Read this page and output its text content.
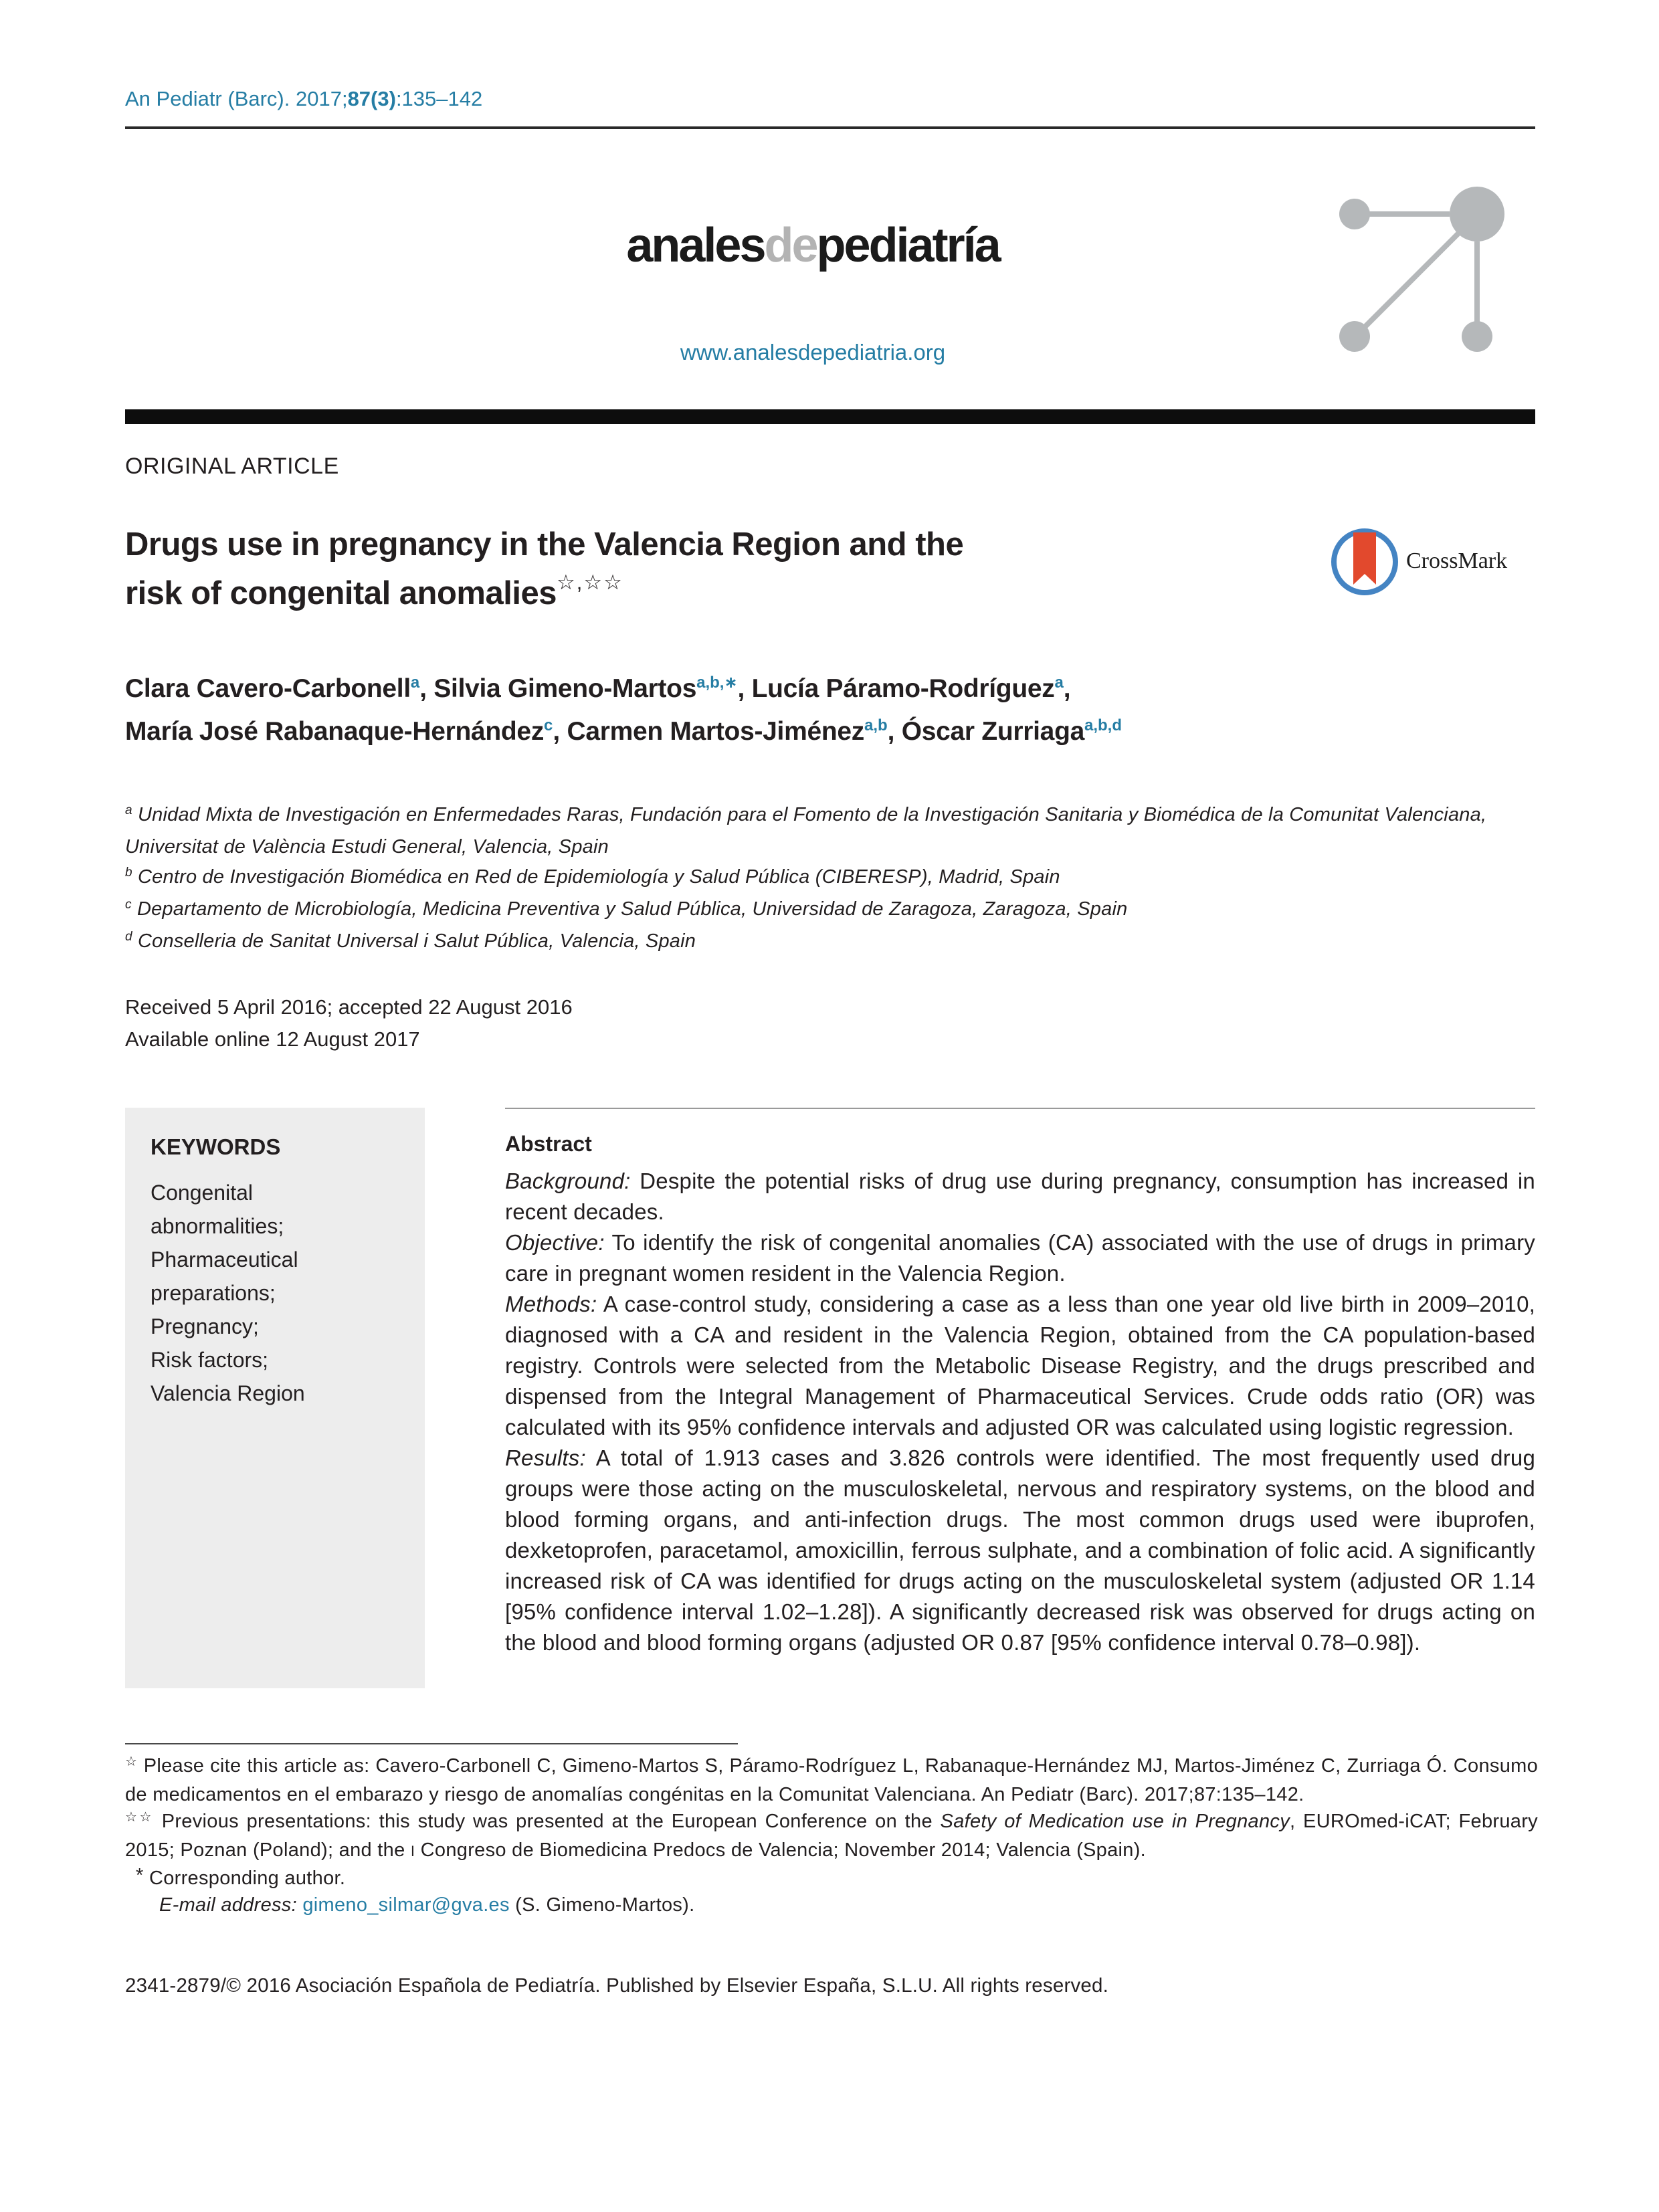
An Pediatr (Barc). 2017;87(3):135–142
analesdepediatría
www.analesdepediatria.org
ORIGINAL ARTICLE
Drugs use in pregnancy in the Valencia Region and the
risk of congenital anomalies☆,☆☆
CrossMark
Clara Cavero-Carbonell$^a$, Silvia Gimeno-Martos$^{a,b,∗}$, Lucía Páramo-Rodríguez$^a$,
María José Rabanaque-Hernández$^c$, Carmen Martos-Jiménez$^{a,b}$, Óscar Zurriaga$^{a,b,d}$
$^a$ Unidad Mixta de Investigación en Enfermedades Raras, Fundación para el Fomento de la Investigación Sanitaria y Biomédica de la Comunitat Valenciana, Universitat de València Estudi General, Valencia, Spain
$^b$ Centro de Investigación Biomédica en Red de Epidemiología y Salud Pública (CIBERESP), Madrid, Spain
$^c$ Departamento de Microbiología, Medicina Preventiva y Salud Pública, Universidad de Zaragoza, Zaragoza, Spain
$^d$ Conselleria de Sanitat Universal i Salut Pública, Valencia, Spain
Received 5 April 2016; accepted 22 August 2016
Available online 12 August 2017
KEYWORDS
Congenital
abnormalities;
Pharmaceutical
preparations;
Pregnancy;
Risk factors;
Valencia Region
Abstract

Background: Despite the potential risks of drug use during pregnancy, consumption has increased in recent decades.

Objective: To identify the risk of congenital anomalies (CA) associated with the use of drugs in primary care in pregnant women resident in the Valencia Region.

Methods: A case-control study, considering a case as a less than one year old live birth in 2009–2010, diagnosed with a CA and resident in the Valencia Region, obtained from the CA population-based registry. Controls were selected from the Metabolic Disease Registry, and the drugs prescribed and dispensed from the Integral Management of Pharmaceutical Services. Crude odds ratio (OR) was calculated with its 95% confidence intervals and adjusted OR was calculated using logistic regression.

Results: A total of 1.913 cases and 3.826 controls were identified. The most frequently used drug groups were those acting on the musculoskeletal, nervous and respiratory systems, on the blood and blood forming organs, and anti-infection drugs. The most common drugs used were ibuprofen, dexketoprofen, paracetamol, amoxicillin, ferrous sulphate, and a combination of folic acid. A significantly increased risk of CA was identified for drugs acting on the musculoskeletal system (adjusted OR 1.14 [95% confidence interval 1.02–1.28]). A significantly decreased risk was observed for drugs acting on the blood and blood forming organs (adjusted OR 0.87 [95% confidence interval 0.78–0.98]).

☆ Please cite this article as: Cavero-Carbonell C, Gimeno-Martos S, Páramo-Rodríguez L, Rabanaque-Hernández MJ, Martos-Jiménez C, Zurriaga Ó. Consumo de medicamentos en el embarazo y riesgo de anomalías congénitas en la Comunitat Valenciana. An Pediatr (Barc). 2017;87:135–142.
☆☆ Previous presentations: this study was presented at the European Conference on the Safety of Medication use in Pregnancy, EUROmed-iCAT; February 2015; Poznan (Poland); and the I Congreso de Biomedicina Predocs de Valencia; November 2014; Valencia (Spain).
* Corresponding author.
E-mail address: gimeno_silmar@gva.es (S. Gimeno-Martos).
2341-2879/© 2016 Asociación Española de Pediatría. Published by Elsevier España, S.L.U. All rights reserved.
